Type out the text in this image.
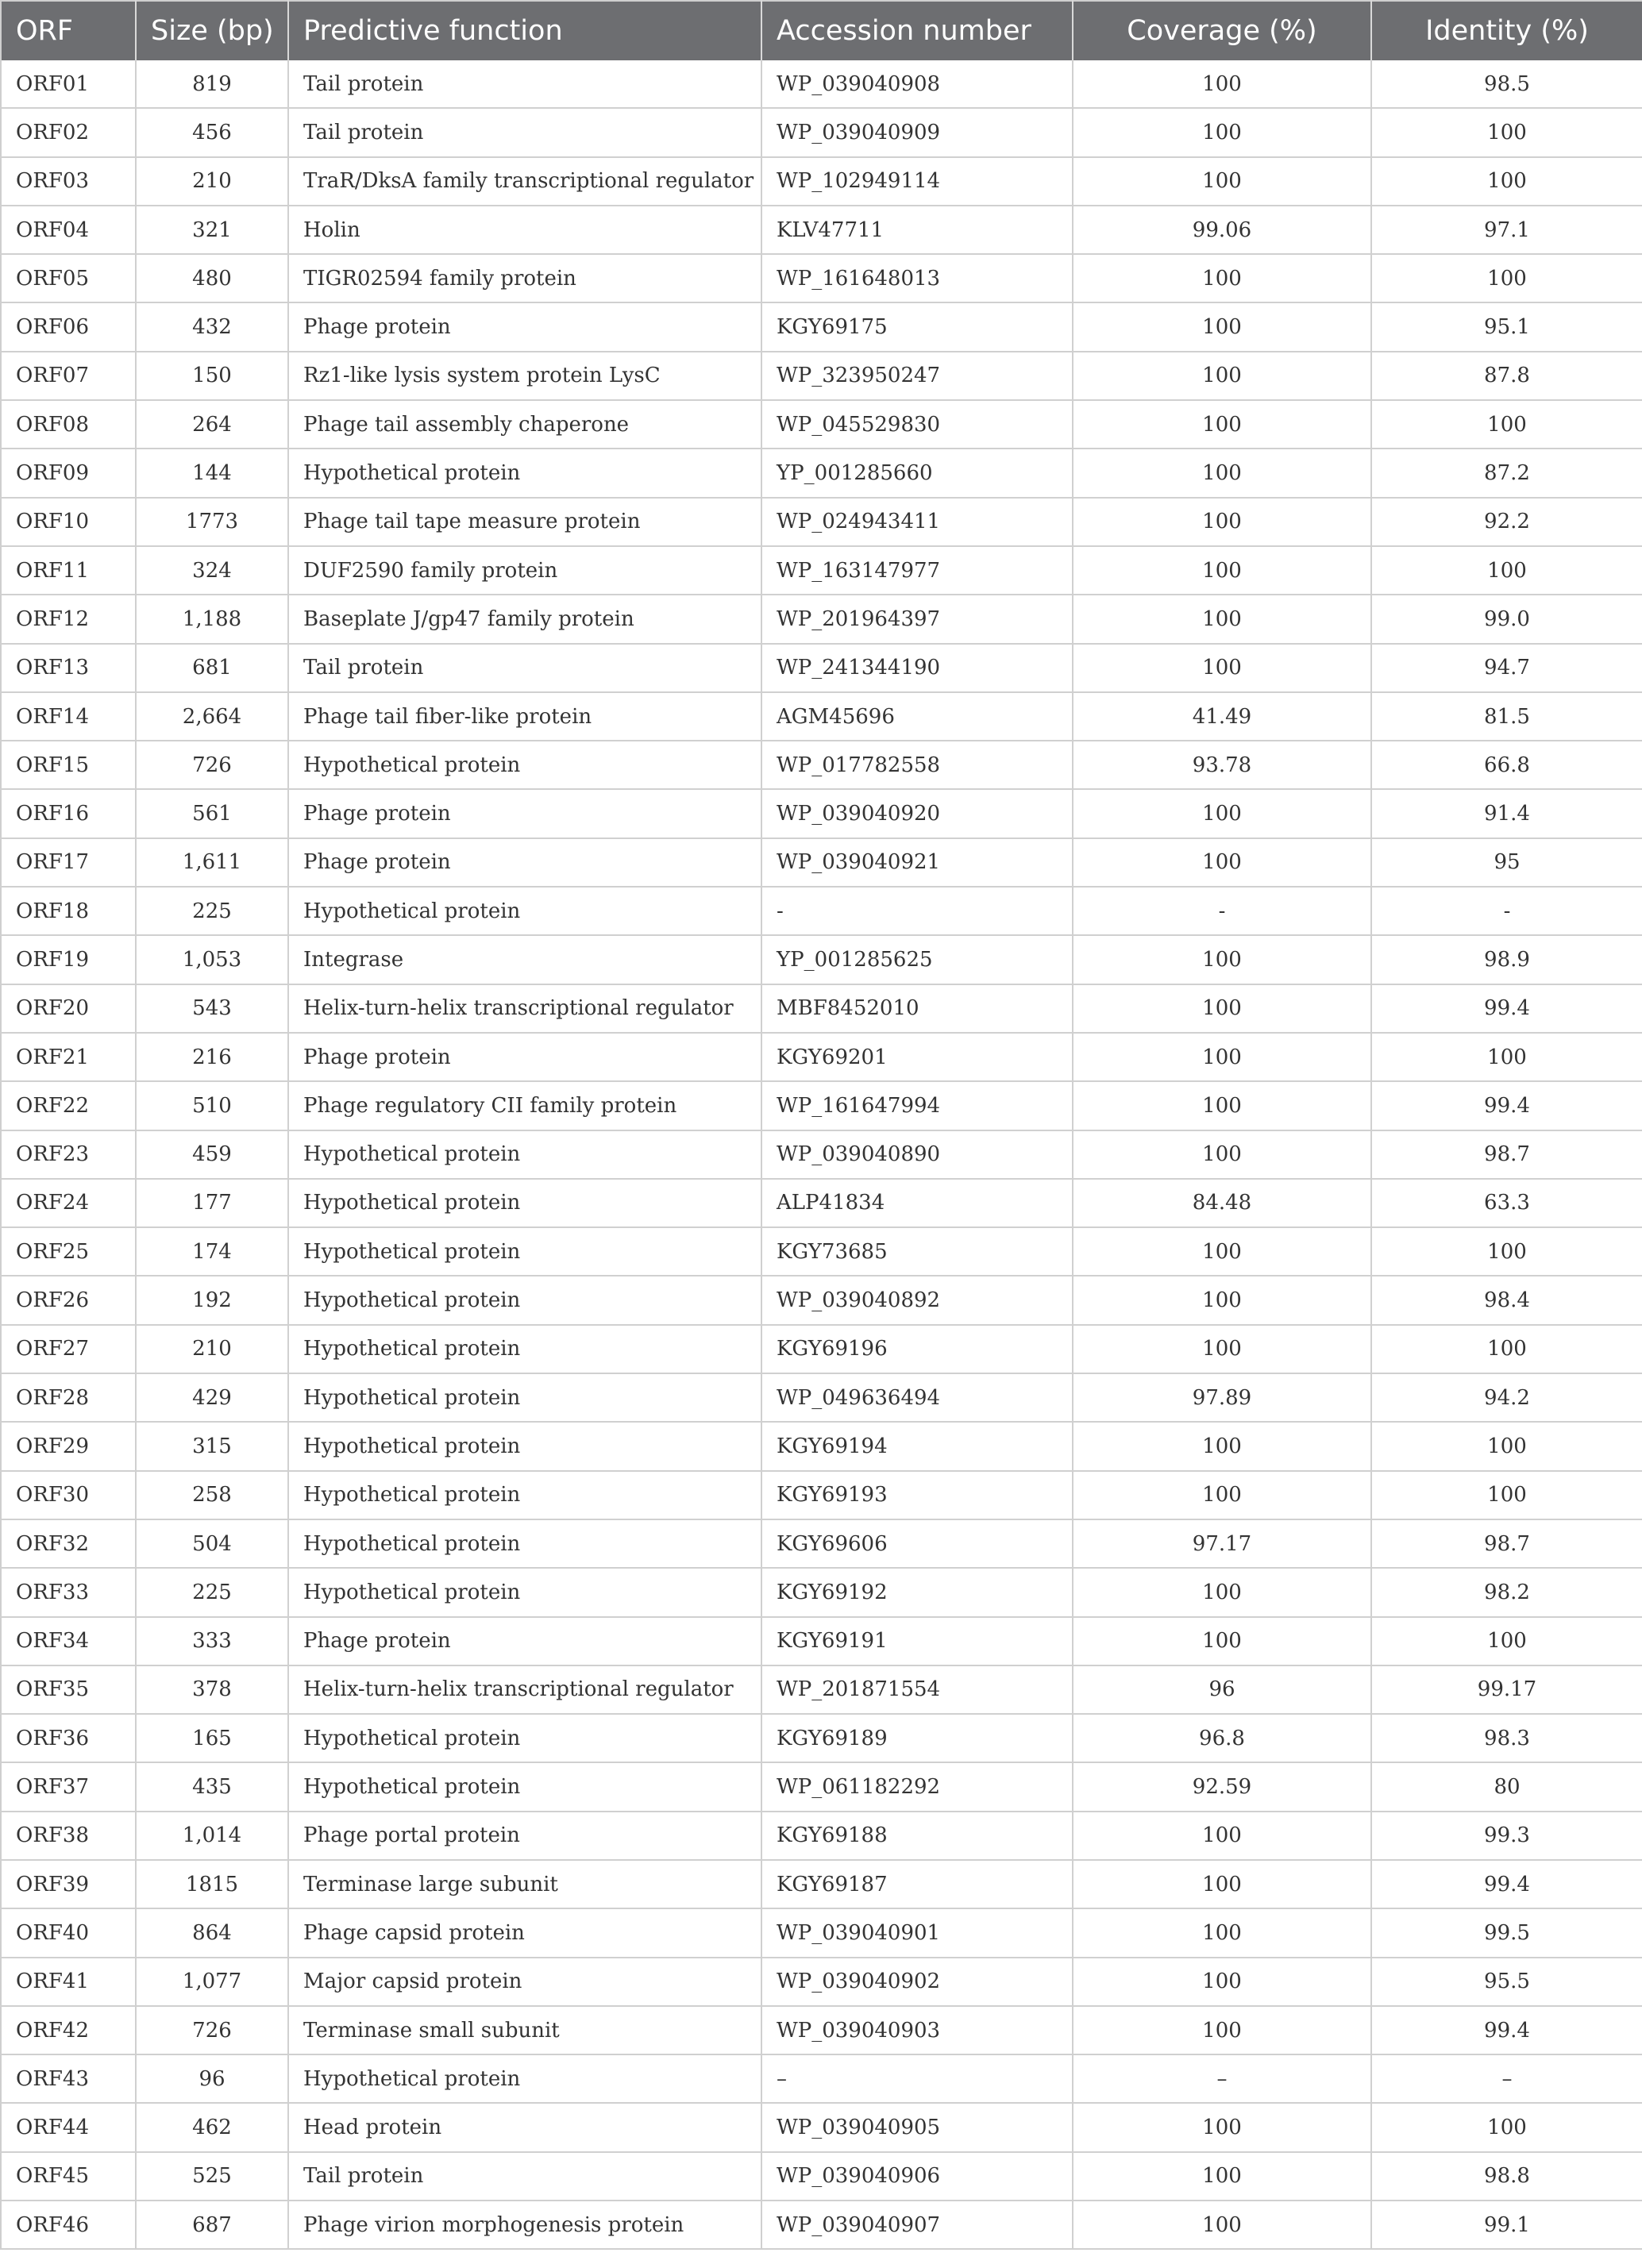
ORF	Size (bp)	Predictive function	Accession number	Coverage (%)	Identity (%)
ORF01	819	Tail protein	WP_039040908	100	98.5
ORF02	456	Tail protein	WP_039040909	100	100
ORF03	210	TraR/DksA family transcriptional regulator	WP_102949114	100	100
ORF04	321	Holin	KLV47711	99.06	97.1
ORF05	480	TIGR02594 family protein	WP_161648013	100	100
ORF06	432	Phage protein	KGY69175	100	95.1
ORF07	150	Rz1-like lysis system protein LysC	WP_323950247	100	87.8
ORF08	264	Phage tail assembly chaperone	WP_045529830	100	100
ORF09	144	Hypothetical protein	YP_001285660	100	87.2
ORF10	1773	Phage tail tape measure protein	WP_024943411	100	92.2
ORF11	324	DUF2590 family protein	WP_163147977	100	100
ORF12	1,188	Baseplate J/gp47 family protein	WP_201964397	100	99.0
ORF13	681	Tail protein	WP_241344190	100	94.7
ORF14	2,664	Phage tail fiber-like protein	AGM45696	41.49	81.5
ORF15	726	Hypothetical protein	WP_017782558	93.78	66.8
ORF16	561	Phage protein	WP_039040920	100	91.4
ORF17	1,611	Phage protein	WP_039040921	100	95
ORF18	225	Hypothetical protein	-	-	-
ORF19	1,053	Integrase	YP_001285625	100	98.9
ORF20	543	Helix-turn-helix transcriptional regulator	MBF8452010	100	99.4
ORF21	216	Phage protein	KGY69201	100	100
ORF22	510	Phage regulatory CII family protein	WP_161647994	100	99.4
ORF23	459	Hypothetical protein	WP_039040890	100	98.7
ORF24	177	Hypothetical protein	ALP41834	84.48	63.3
ORF25	174	Hypothetical protein	KGY73685	100	100
ORF26	192	Hypothetical protein	WP_039040892	100	98.4
ORF27	210	Hypothetical protein	KGY69196	100	100
ORF28	429	Hypothetical protein	WP_049636494	97.89	94.2
ORF29	315	Hypothetical protein	KGY69194	100	100
ORF30	258	Hypothetical protein	KGY69193	100	100
ORF32	504	Hypothetical protein	KGY69606	97.17	98.7
ORF33	225	Hypothetical protein	KGY69192	100	98.2
ORF34	333	Phage protein	KGY69191	100	100
ORF35	378	Helix-turn-helix transcriptional regulator	WP_201871554	96	99.17
ORF36	165	Hypothetical protein	KGY69189	96.8	98.3
ORF37	435	Hypothetical protein	WP_061182292	92.59	80
ORF38	1,014	Phage portal protein	KGY69188	100	99.3
ORF39	1815	Terminase large subunit	KGY69187	100	99.4
ORF40	864	Phage capsid protein	WP_039040901	100	99.5
ORF41	1,077	Major capsid protein	WP_039040902	100	95.5
ORF42	726	Terminase small subunit	WP_039040903	100	99.4
ORF43	96	Hypothetical protein	–	–	–
ORF44	462	Head protein	WP_039040905	100	100
ORF45	525	Tail protein	WP_039040906	100	98.8
ORF46	687	Phage virion morphogenesis protein	WP_039040907	100	99.1
